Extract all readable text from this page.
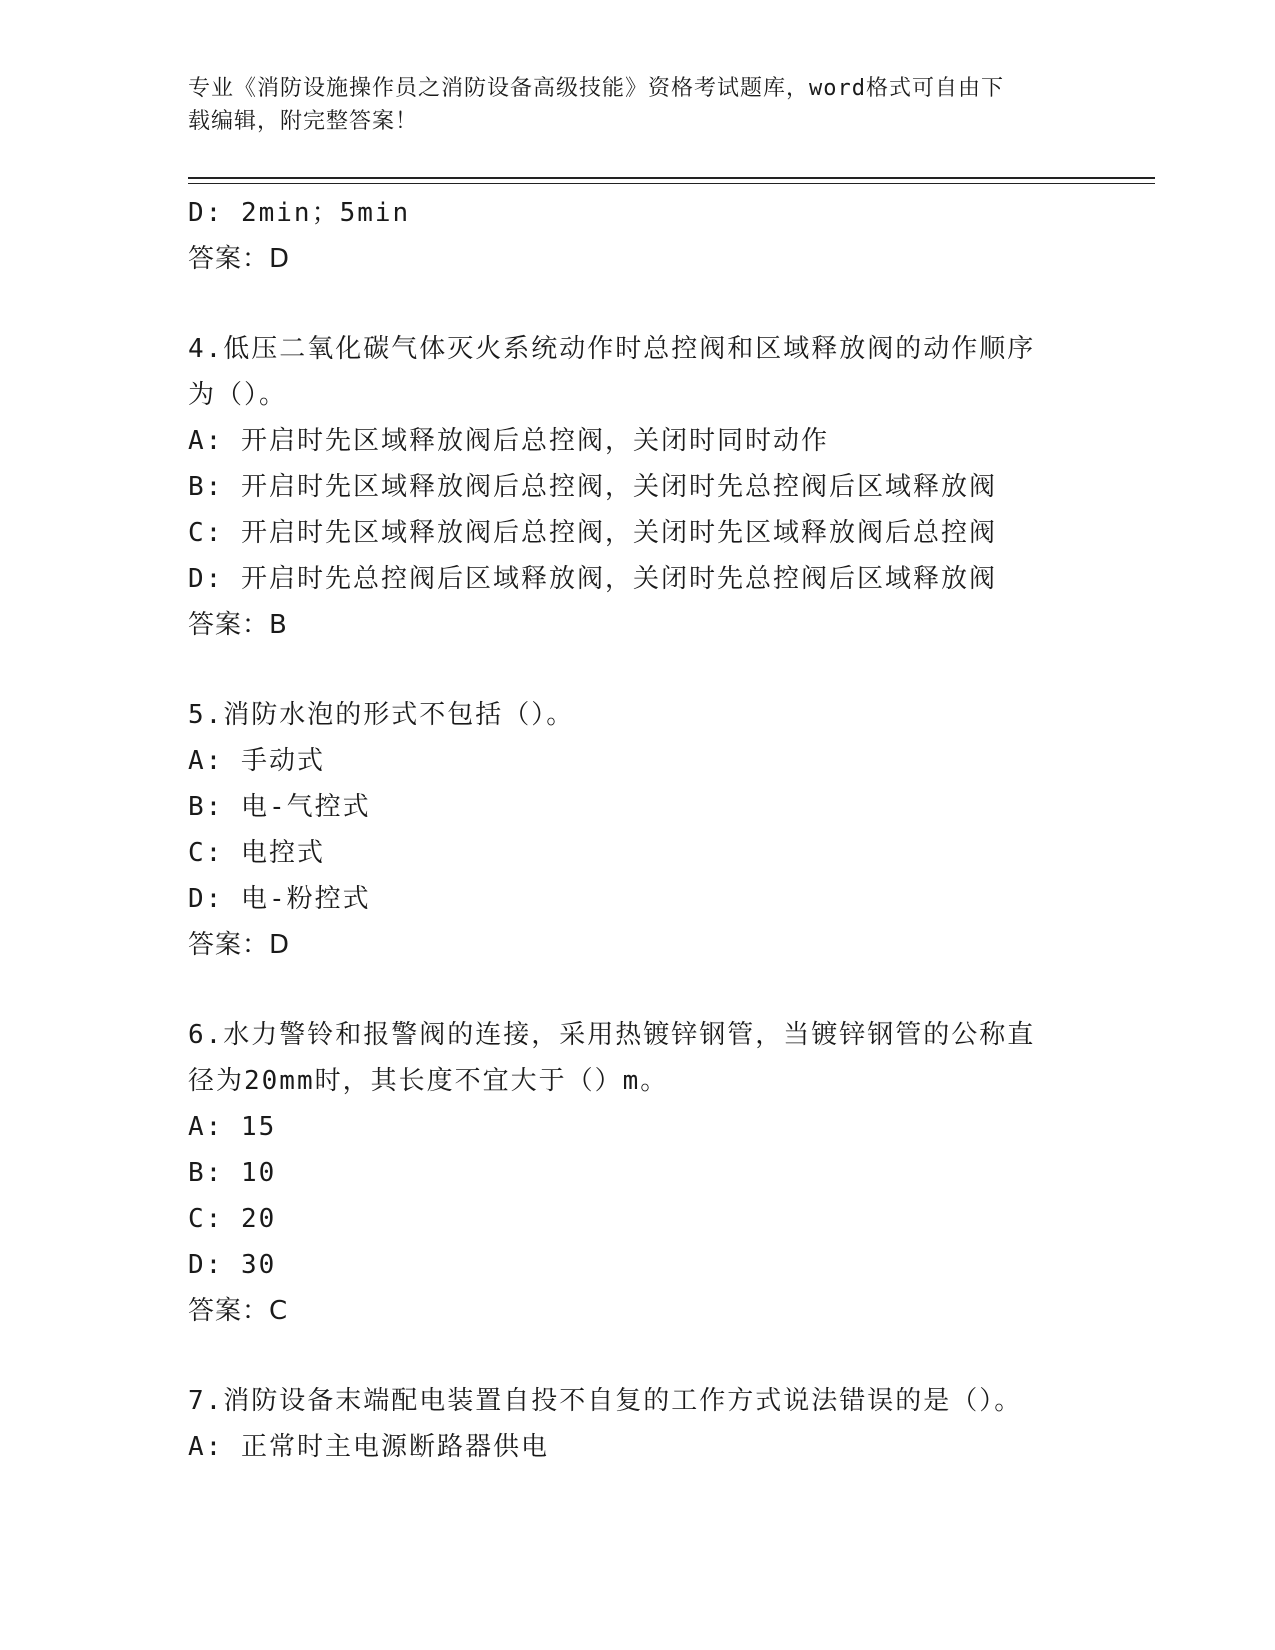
专业《消防设施操作员之消防设备高级技能》资格考试题库，word格式可自由下
载编辑，附完整答案！
D: 2min；5min
答案：D
4.低压二氧化碳气体灭火系统动作时总控阀和区域释放阀的动作顺序
为（）。
A: 开启时先区域释放阀后总控阀，关闭时同时动作
B: 开启时先区域释放阀后总控阀，关闭时先总控阀后区域释放阀
C: 开启时先区域释放阀后总控阀，关闭时先区域释放阀后总控阀
D: 开启时先总控阀后区域释放阀，关闭时先总控阀后区域释放阀
答案：B
5.消防水泡的形式不包括（）。
A: 手动式
B: 电-气控式
C: 电控式
D: 电-粉控式
答案：D
6.水力警铃和报警阀的连接，采用热镀锌钢管，当镀锌钢管的公称直
径为20mm时，其长度不宜大于（）m。
A: 15
B: 10
C: 20
D: 30
答案：C
7.消防设备末端配电装置自投不自复的工作方式说法错误的是（）。
A: 正常时主电源断路器供电
